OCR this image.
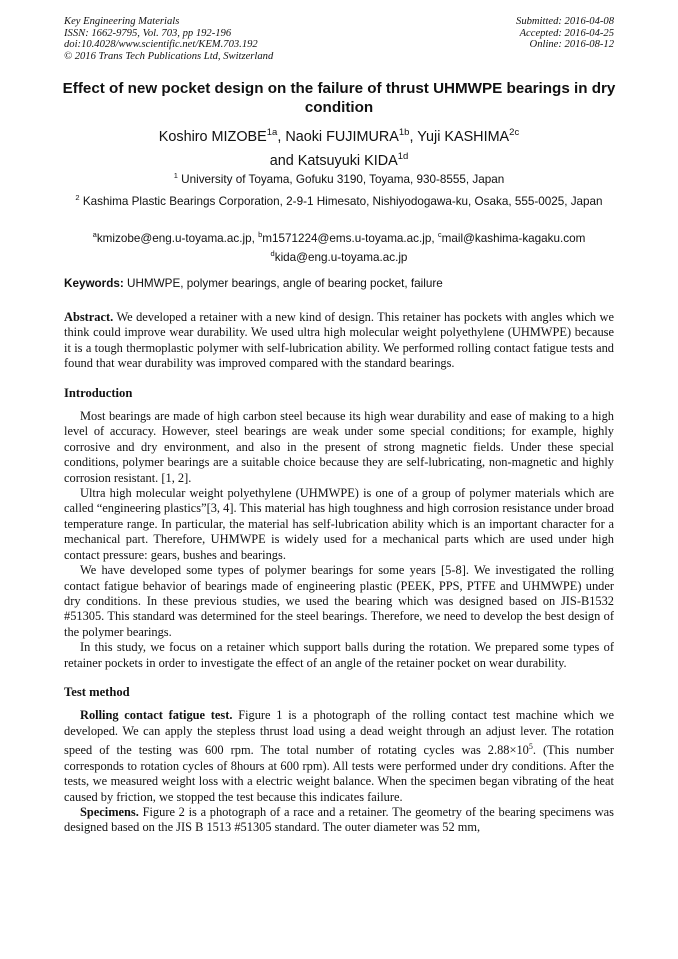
Key Engineering Materials
ISSN: 1662-9795, Vol. 703, pp 192-196
doi:10.4028/www.scientific.net/KEM.703.192
© 2016 Trans Tech Publications Ltd, Switzerland
Submitted: 2016-04-08
Accepted: 2016-04-25
Online: 2016-08-12
Effect of new pocket design on the failure of thrust UHMWPE bearings in dry condition
Koshiro $MIZOBE^{1a}$, Naoki $FUJIMURA^{1b}$, Yuji $KASHIMA^{2c}$
and Katsuyuki $KIDA^{1d}$
$^1$ University of Toyama, Gofuku 3190, Toyama, 930-8555, Japan
$^2$ Kashima Plastic Bearings Corporation, 2-9-1 Himesato, Nishiyodogawa-ku, Osaka, 555-0025, Japan
$^a$kmizobe@eng.u-toyama.ac.jp, $^b$m1571224@ems.u-toyama.ac.jp, $^c$mail@kashima-kagaku.com
$^d$kida@eng.u-toyama.ac.jp
Keywords: UHMWPE, polymer bearings, angle of bearing pocket, failure

Abstract. We developed a retainer with a new kind of design. This retainer has pockets with angles which we think could improve wear durability. We used ultra high molecular weight polyethylene (UHMWPE) because it is a tough thermoplastic polymer with self-lubrication ability. We performed rolling contact fatigue tests and found that wear durability was improved compared with the standard bearings.

Introduction

Most bearings are made of high carbon steel because its high wear durability and ease of making to a high level of accuracy. However, steel bearings are weak under some special conditions; for example, highly corrosive and dry environment, and also in the present of strong magnetic fields. Under these special conditions, polymer bearings are a suitable choice because they are self-lubricating, non-magnetic and highly corrosion resistant. [1, 2].

Ultra high molecular weight polyethylene (UHMWPE) is one of a group of polymer materials which are called “engineering plastics”[3, 4]. This material has high toughness and high corrosion resistance under broad temperature range. In particular, the material has self-lubrication ability which is an important character for a mechanical part. Therefore, UHMWPE is widely used for a mechanical parts which are used under high contact pressure: gears, bushes and bearings.

We have developed some types of polymer bearings for some years [5-8]. We investigated the rolling contact fatigue behavior of bearings made of engineering plastic (PEEK, PPS, PTFE and UHMWPE) under dry conditions. In these previous studies, we used the bearing which was designed based on JIS-B1532 #51305. This standard was determined for the steel bearings. Therefore, we need to develop the best design of the polymer bearings.

In this study, we focus on a retainer which support balls during the rotation. We prepared some types of retainer pockets in order to investigate the effect of an angle of the retainer pocket on wear durability.

Test method

Rolling contact fatigue test. Figure 1 is a photograph of the rolling contact test machine which we developed. We can apply the stepless thrust load using a dead weight through an adjust lever. The rotation speed of the testing was 600 rpm. The total number of rotating cycles was $2.88\times 10^5$. (This number corresponds to rotation cycles of 8hours at 600 rpm). All tests were performed under dry conditions. After the tests, we measured weight loss with a electric weight balance. When the specimen began vibrating of the heat caused by friction, we stopped the test because this indicates failure.

Specimens. Figure 2 is a photograph of a race and a retainer. The geometry of the bearing specimens was designed based on the JIS B 1513 #51305 standard. The outer diameter was 52 mm,
